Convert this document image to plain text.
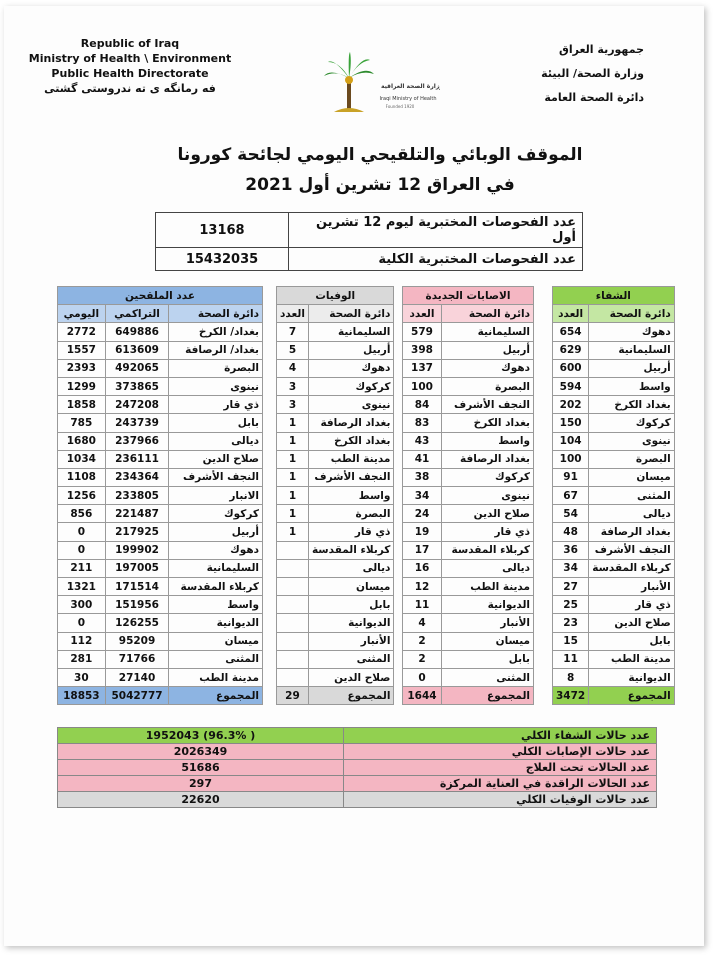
Republic of Iraq
Ministry of Health \ Environment
Public Health Directorate
فه رمانگه ی ته ندروستی گشتی
جمهورية العراق
وزارة الصحة/ البيئة
دائرة الصحة العامة
وزارة الصحة العراقية
Iraqi Ministry of Health
Founded 1920
الموقف الوبائي والتلقيحي اليومي لجائحة كورونا
في العراق 12 تشرين أول 2021
13168	عدد الفحوصات المختبرية ليوم 12 تشرين أول
15432035	عدد الفحوصات المختبرية الكلية
الشفاء	
دائرة الصحة	العدد
دهوك	654
السليمانية	629
أربيل	600
واسط	594
بغداد الكرخ	202
كركوك	150
نينوى	104
البصرة	100
ميسان	91
المثنى	67
ديالى	54
بغداد الرصافة	48
النجف الأشرف	36
كربلاء المقدسة	34
الأنبار	27
ذي قار	25
صلاح الدين	23
بابل	15
مدينة الطب	11
الديوانية	8
المجموع	3472
الاصابات الجديدة	
دائرة الصحة	العدد
السليمانية	579
أربيل	398
دهوك	137
البصرة	100
النجف الأشرف	84
بغداد الكرخ	83
واسط	43
بغداد الرصافة	41
كركوك	38
نينوى	34
صلاح الدين	24
ذي قار	19
كربلاء المقدسة	17
ديالى	16
مدينة الطب	12
الديوانية	11
الأنبار	4
ميسان	2
بابل	2
المثنى	0
المجموع	1644
الوفيات	
دائرة الصحة	العدد
السليمانية	7
أربيل	5
دهوك	4
كركوك	3
نينوى	3
بغداد الرصافة	1
بغداد الكرخ	1
مدينة الطب	1
النجف الأشرف	1
واسط	1
البصرة	1
ذي قار	1
كربلاء المقدسة	
ديالى	
ميسان	
بابل	
الديوانية	
الأنبار	
المثنى	
صلاح الدين	
المجموع	29
عدد الملقحين		
دائرة الصحة	التراكمي	اليومي
بغداد/ الكرخ	649886	2772
بغداد/ الرصافة	613609	1557
البصرة	492065	2393
نينوى	373865	1299
ذي قار	247208	1858
بابل	243739	785
ديالى	237966	1680
صلاح الدين	236111	1034
النجف الأشرف	234364	1108
الانبار	233805	1256
كركوك	221487	856
أربيل	217925	0
دهوك	199902	0
السليمانية	197005	211
كربلاء المقدسة	171514	1321
واسط	151956	300
الديوانية	126255	0
ميسان	95209	112
المثنى	71766	281
مدينة الطب	27140	30
المجموع	5042777	18853
عدد حالات الشفاء الكلي	( 96.3%) 1952043
عدد حالات الإصابات الكلي	2026349
عدد الحالات تحت العلاج	51686
عدد الحالات الراقدة في العناية المركزة	297
عدد حالات الوفيات الكلي	22620
